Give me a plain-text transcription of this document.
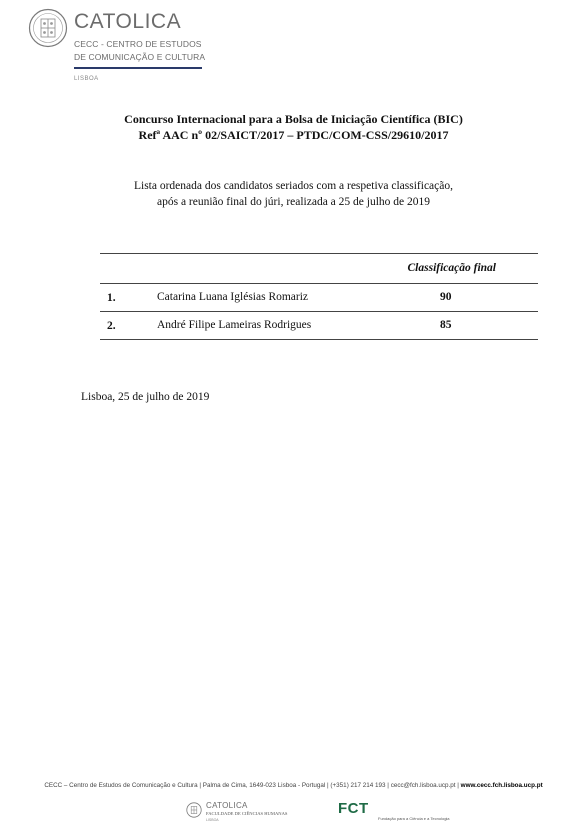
CATOLICA
CECC - CENTRO DE ESTUDOS
DE COMUNICAÇÃO E CULTURA
LISBOA
Concurso Internacional para a Bolsa de Iniciação Científica (BIC)
Refª AAC nº 02/SAICT/2017 – PTDC/COM-CSS/29610/2017
Lista ordenada dos candidatos seriados com a respetiva classificação,
após a reunião final do júri, realizada a 25 de julho de 2019
Classificação final
1.	Catarina Luana Iglésias Romariz	90
2.	André Filipe Lameiras Rodrigues	85
Lisboa, 25 de julho de 2019
CECC – Centro de Estudos de Comunicação e Cultura | Palma de Cima, 1649-023 Lisboa - Portugal | (+351) 217 214 193 | cecc@fch.lisboa.ucp.pt | www.cecc.fch.lisboa.ucp.pt
CATOLICA
FACULDADE DE CIÊNCIAS HUMANAS
LISBOA
FCT
Fundação para a Ciência e a Tecnologia
